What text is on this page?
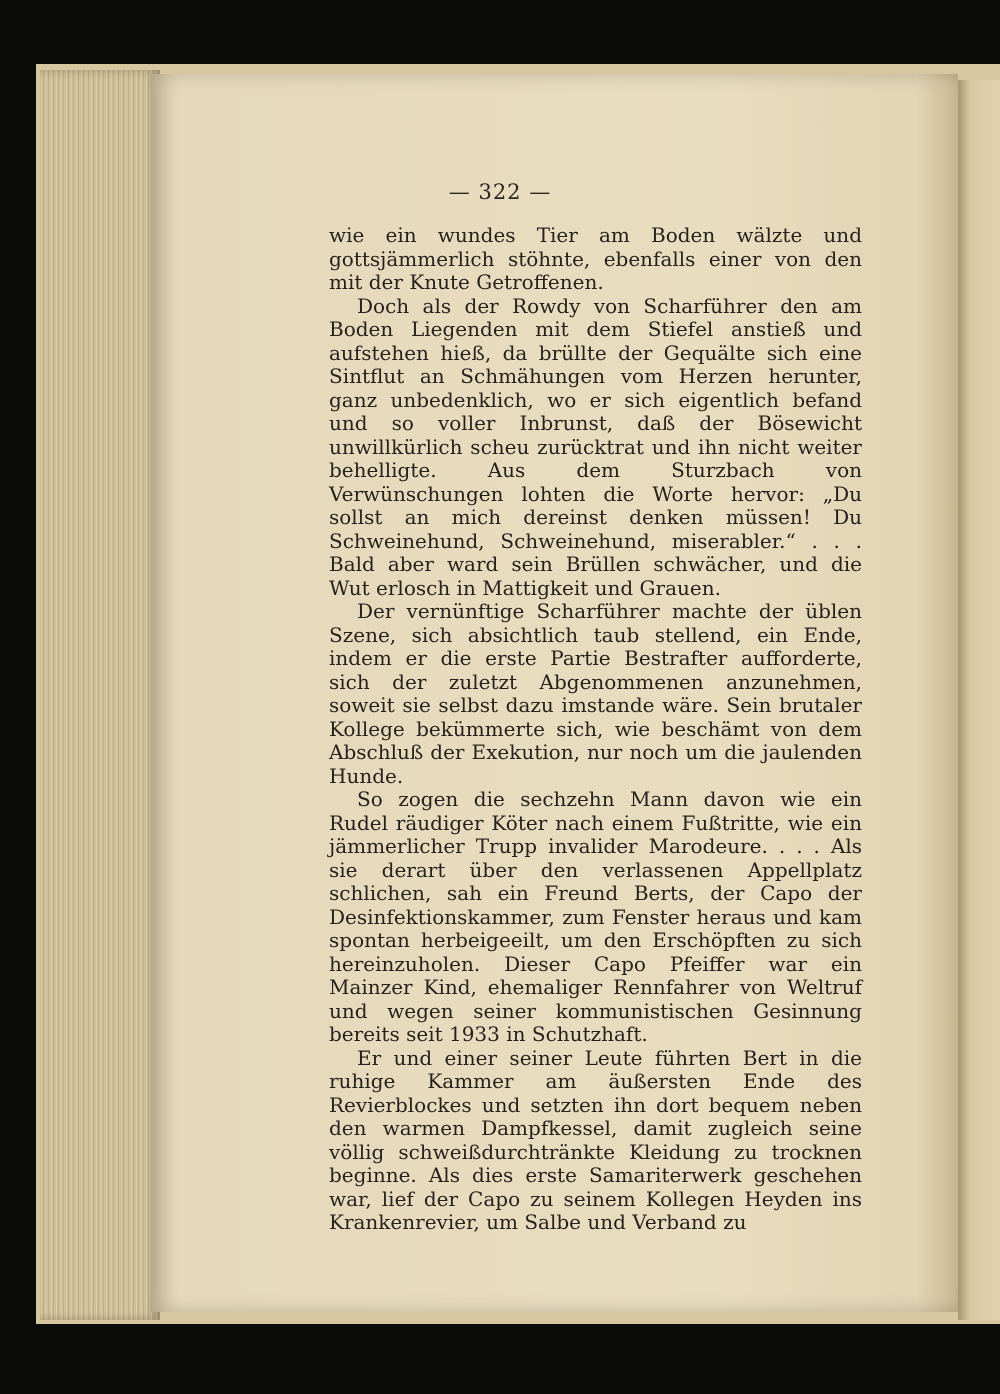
— 322 —

wie ein wundes Tier am Boden wälzte und gottsjämmerlich stöhnte, ebenfalls einer von den mit der Knute Getroffenen.

Doch als der Rowdy von Scharführer den am Boden Liegenden mit dem Stiefel anstieß und aufstehen hieß, da brüllte der Gequälte sich eine Sintflut an Schmähungen vom Herzen herunter, ganz unbedenklich, wo er sich eigentlich befand und so voller Inbrunst, daß der Bösewicht unwillkürlich scheu zurücktrat und ihn nicht weiter behelligte. Aus dem Sturzbach von Verwünschungen lohten die Worte hervor: „Du sollst an mich dereinst denken müssen! Du Schweinehund, Schweinehund, miserabler.“ . . . Bald aber ward sein Brüllen schwächer, und die Wut erlosch in Mattigkeit und Grauen.

Der vernünftige Scharführer machte der üblen Szene, sich absichtlich taub stellend, ein Ende, indem er die erste Partie Bestrafter aufforderte, sich der zuletzt Abgenommenen anzunehmen, soweit sie selbst dazu imstande wäre. Sein brutaler Kollege bekümmerte sich, wie beschämt von dem Abschluß der Exekution, nur noch um die jaulenden Hunde.

So zogen die sechzehn Mann davon wie ein Rudel räudiger Köter nach einem Fußtritte, wie ein jämmerlicher Trupp invalider Marodeure. . . . Als sie derart über den verlassenen Appellplatz schlichen, sah ein Freund Berts, der Capo der Desinfektionskammer, zum Fenster heraus und kam spontan herbeigeeilt, um den Erschöpften zu sich hereinzuholen. Dieser Capo Pfeiffer war ein Mainzer Kind, ehemaliger Rennfahrer von Weltruf und wegen seiner kommunistischen Gesinnung bereits seit 1933 in Schutzhaft.

Er und einer seiner Leute führten Bert in die ruhige Kammer am äußersten Ende des Revierblockes und setzten ihn dort bequem neben den warmen Dampfkessel, damit zugleich seine völlig schweißdurchtränkte Kleidung zu trocknen beginne. Als dies erste Samariterwerk geschehen war, lief der Capo zu seinem Kollegen Heyden ins Krankenrevier, um Salbe und Verband zu
